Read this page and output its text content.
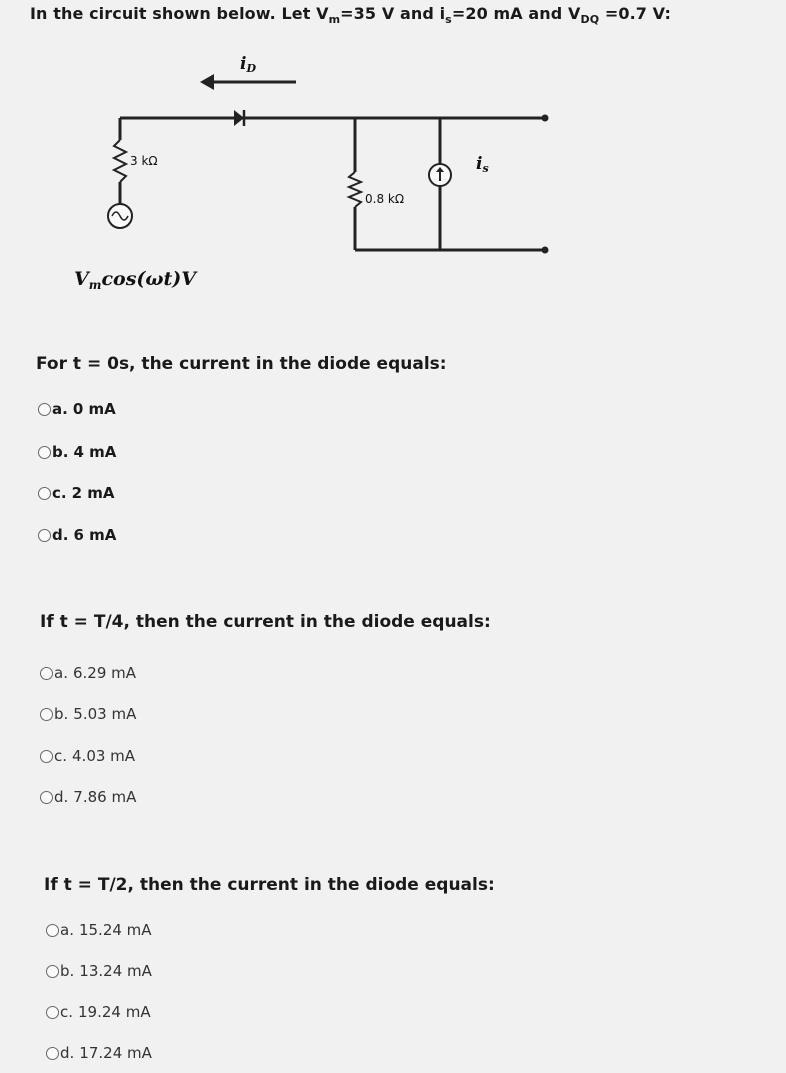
In the circuit shown below. Let $V_m=35$ V and $i_s=20$ mA and $V_{DQ} =0.7$ V:
iD
3 kΩ
0.8 kΩ
is
$V_m\cos(\omega t)V$
For t = 0s, the current in the diode equals:
a. 0 mA
b. 4 mA
c. 2 mA
d. 6 mA
If t = T/4, then the current in the diode equals:
a. 6.29 mA
b. 5.03 mA
c. 4.03 mA
d. 7.86 mA
If t = T/2, then the current in the diode equals:
a. 15.24 mA
b. 13.24 mA
c. 19.24 mA
d. 17.24 mA
